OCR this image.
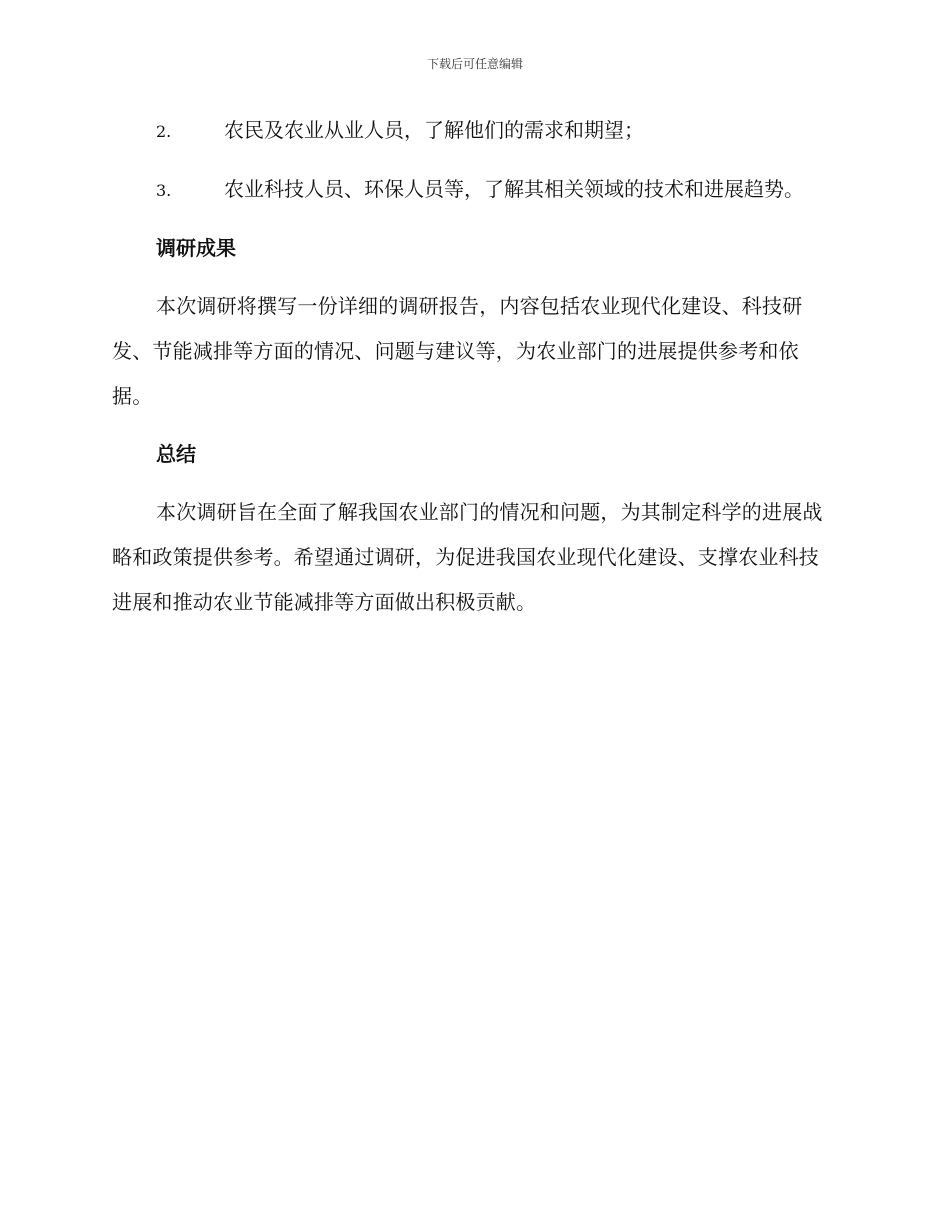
下载后可任意编辑

2.	农民及农业从业人员，了解他们的需求和期望；

3.	农业科技人员、环保人员等，了解其相关领域的技术和进展趋势。

调研成果

本次调研将撰写一份详细的调研报告，内容包括农业现代化建设、科技研发、节能减排等方面的情况、问题与建议等，为农业部门的进展提供参考和依据。

总结

本次调研旨在全面了解我国农业部门的情况和问题，为其制定科学的进展战略和政策提供参考。希望通过调研，为促进我国农业现代化建设、支撑农业科技进展和推动农业节能减排等方面做出积极贡献。
